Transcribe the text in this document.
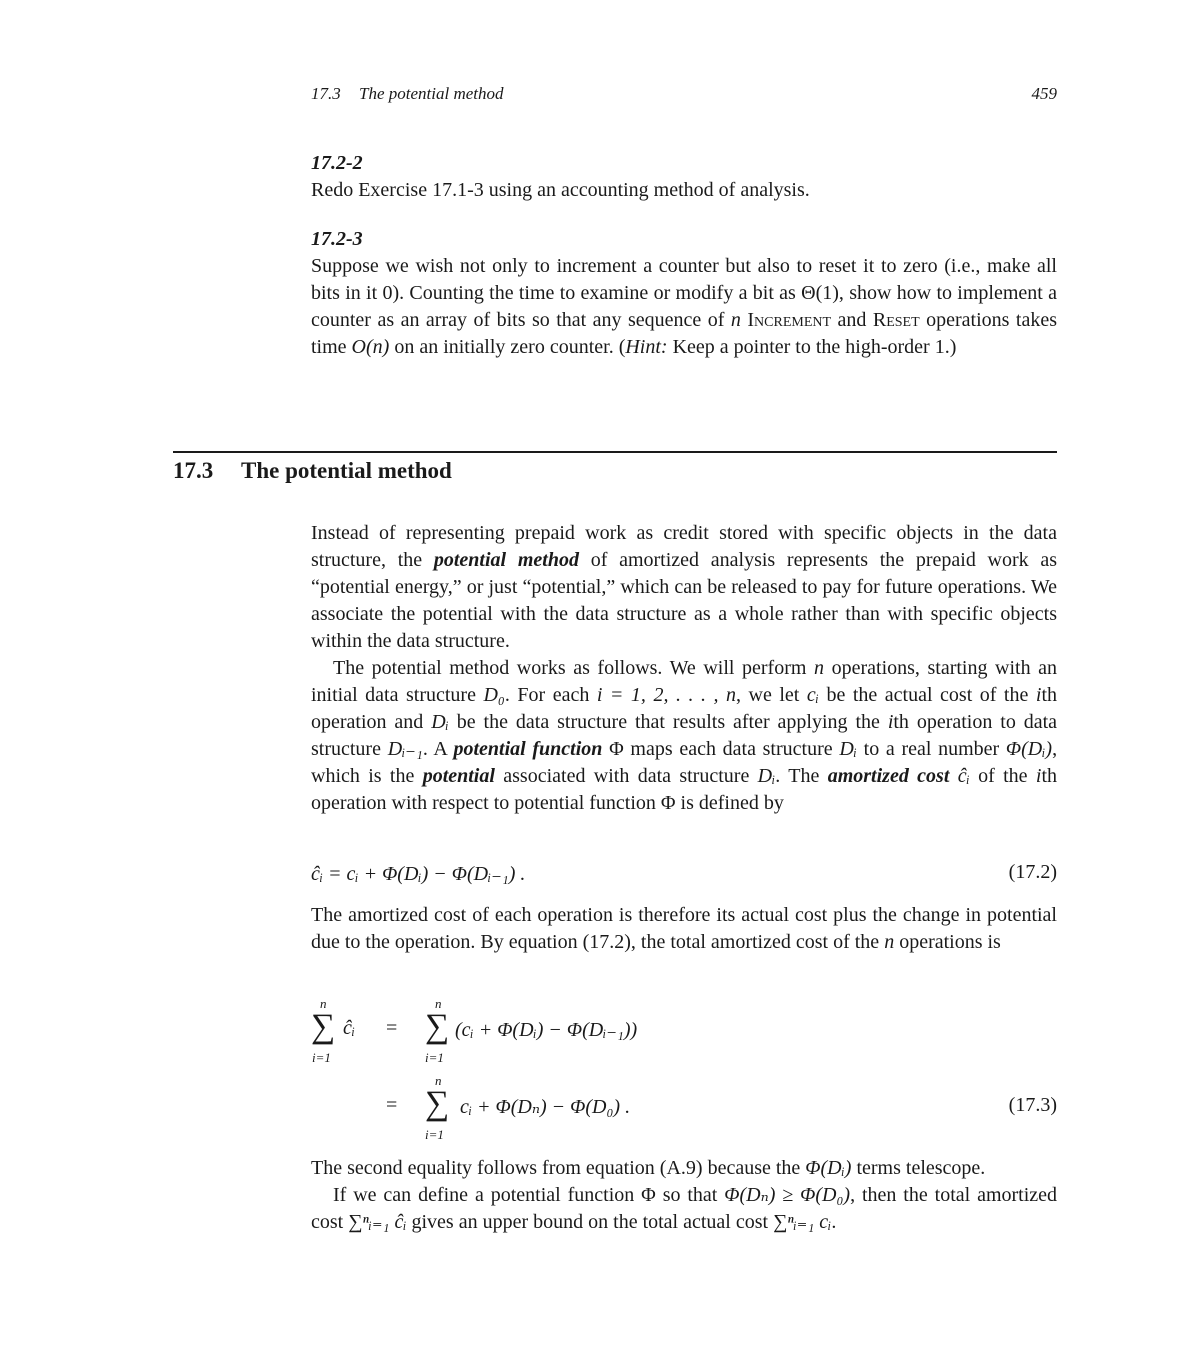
17.3 The potential method	459
17.2-2
Redo Exercise 17.1-3 using an accounting method of analysis.
17.2-3
Suppose we wish not only to increment a counter but also to reset it to zero (i.e., make all bits in it 0). Counting the time to examine or modify a bit as Θ(1), show how to implement a counter as an array of bits so that any sequence of n Increment and Reset operations takes time O(n) on an initially zero counter. (Hint: Keep a pointer to the high-order 1.)
17.3 The potential method
Instead of representing prepaid work as credit stored with specific objects in the data structure, the potential method of amortized analysis represents the prepaid work as “potential energy,” or just “potential,” which can be released to pay for future operations. We associate the potential with the data structure as a whole rather than with specific objects within the data structure.
The potential method works as follows. We will perform n operations, starting with an initial data structure D₀. For each i = 1, 2, . . . , n, we let cᵢ be the actual cost of the ith operation and Dᵢ be the data structure that results after applying the ith operation to data structure Dᵢ₋₁. A potential function Φ maps each data structure Dᵢ to a real number Φ(Dᵢ), which is the potential associated with data structure Dᵢ. The amortized cost ĉᵢ of the ith operation with respect to potential function Φ is defined by
ĉᵢ = cᵢ + Φ(Dᵢ) − Φ(Dᵢ₋₁) .	(17.2)
The amortized cost of each operation is therefore its actual cost plus the change in potential due to the operation. By equation (17.2), the total amortized cost of the n operations is
n
∑
i=1
ĉᵢ =
n
∑
i=1
(cᵢ + Φ(Dᵢ) − Φ(Dᵢ₋₁))
=
n
∑
i=1
cᵢ + Φ(Dₙ) − Φ(D₀) .	(17.3)
The second equality follows from equation (A.9) because the Φ(Dᵢ) terms telescope.
If we can define a potential function Φ so that Φ(Dₙ) ≥ Φ(D₀), then the total amortized cost ∑ⁿᵢ₌₁ ĉᵢ gives an upper bound on the total actual cost ∑ⁿᵢ₌₁ cᵢ.
